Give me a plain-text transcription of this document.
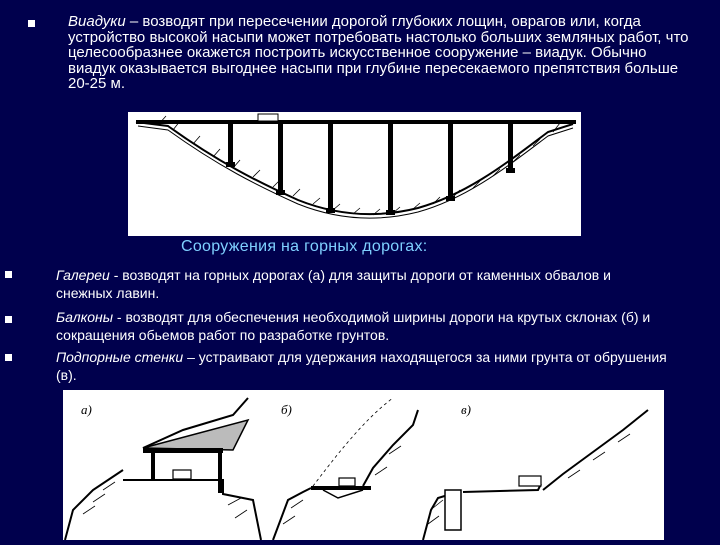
Виадуки – возводят при пересечении дорогой глубоких лощин, оврагов или, когда устройство высокой насыпи может потребовать настолько больших земляных работ, что целесообразнее окажется построить искусственное сооружение – виадук. Обычно виадук оказывается выгоднее насыпи при глубине пересекаемого препятствия больше 20-25 м.
Сооружения на горных дорогах:
Галереи - возводят на горных дорогах (а) для защиты дороги от каменных обвалов и снежных лавин.
Балконы - возводят для обеспечения необходимой ширины дороги на крутых склонах (б) и сокращения обьемов работ по разработке грунтов.
Подпорные стенки – устраивают для удержания находящегося за ними грунта от обрушения (в).
а)	б)	в)
